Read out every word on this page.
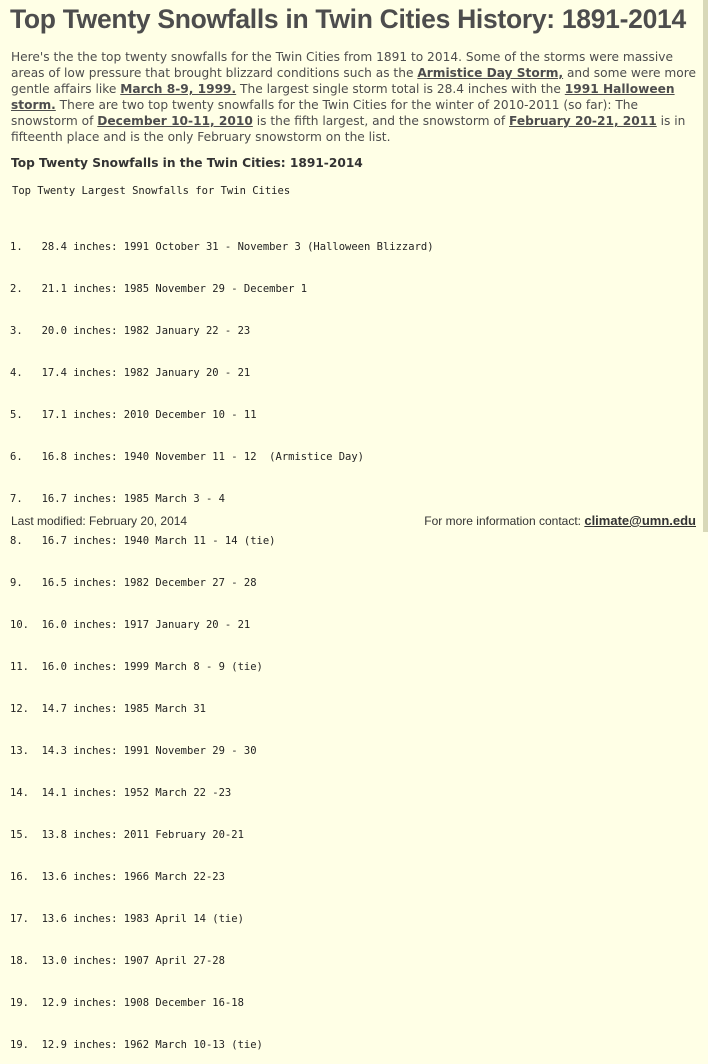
Top Twenty Snowfalls in Twin Cities History: 1891-2014

Here's the the top twenty snowfalls for the Twin Cities from 1891 to 2014. Some of the storms were massive areas of low pressure that brought blizzard conditions such as the Armistice Day Storm, and some were more gentle affairs like March 8-9, 1999. The largest single storm total is 28.4 inches with the 1991 Halloween storm. There are two top twenty snowfalls for the Twin Cities for the winter of 2010-2011 (so far): The snowstorm of December 10-11, 2010 is the fifth largest, and the snowstorm of February 20-21, 2011 is in fifteenth place and is the only February snowstorm on the list.

Top Twenty Snowfalls in the Twin Cities: 1891-2014
Top Twenty Largest Snowfalls for Twin Cities

1.   28.4 inches: 1991 October 31 - November 3 (Halloween Blizzard)

2.   21.1 inches: 1985 November 29 - December 1

3.   20.0 inches: 1982 January 22 - 23

4.   17.4 inches: 1982 January 20 - 21

5.   17.1 inches: 2010 December 10 - 11

6.   16.8 inches: 1940 November 11 - 12  (Armistice Day)

7.   16.7 inches: 1985 March 3 - 4

8.   16.7 inches: 1940 March 11 - 14 (tie)

9.   16.5 inches: 1982 December 27 - 28

10.  16.0 inches: 1917 January 20 - 21

11.  16.0 inches: 1999 March 8 - 9 (tie)

12.  14.7 inches: 1985 March 31

13.  14.3 inches: 1991 November 29 - 30

14.  14.1 inches: 1952 March 22 -23

15.  13.8 inches: 2011 February 20-21

16.  13.6 inches: 1966 March 22-23

17.  13.6 inches: 1983 April 14 (tie)

18.  13.0 inches: 1907 April 27-28

19.  12.9 inches: 1908 December 16-18

19.  12.9 inches: 1962 March 10-13 (tie)

Last modified: February 20, 2014	For more information contact: climate@umn.edu
